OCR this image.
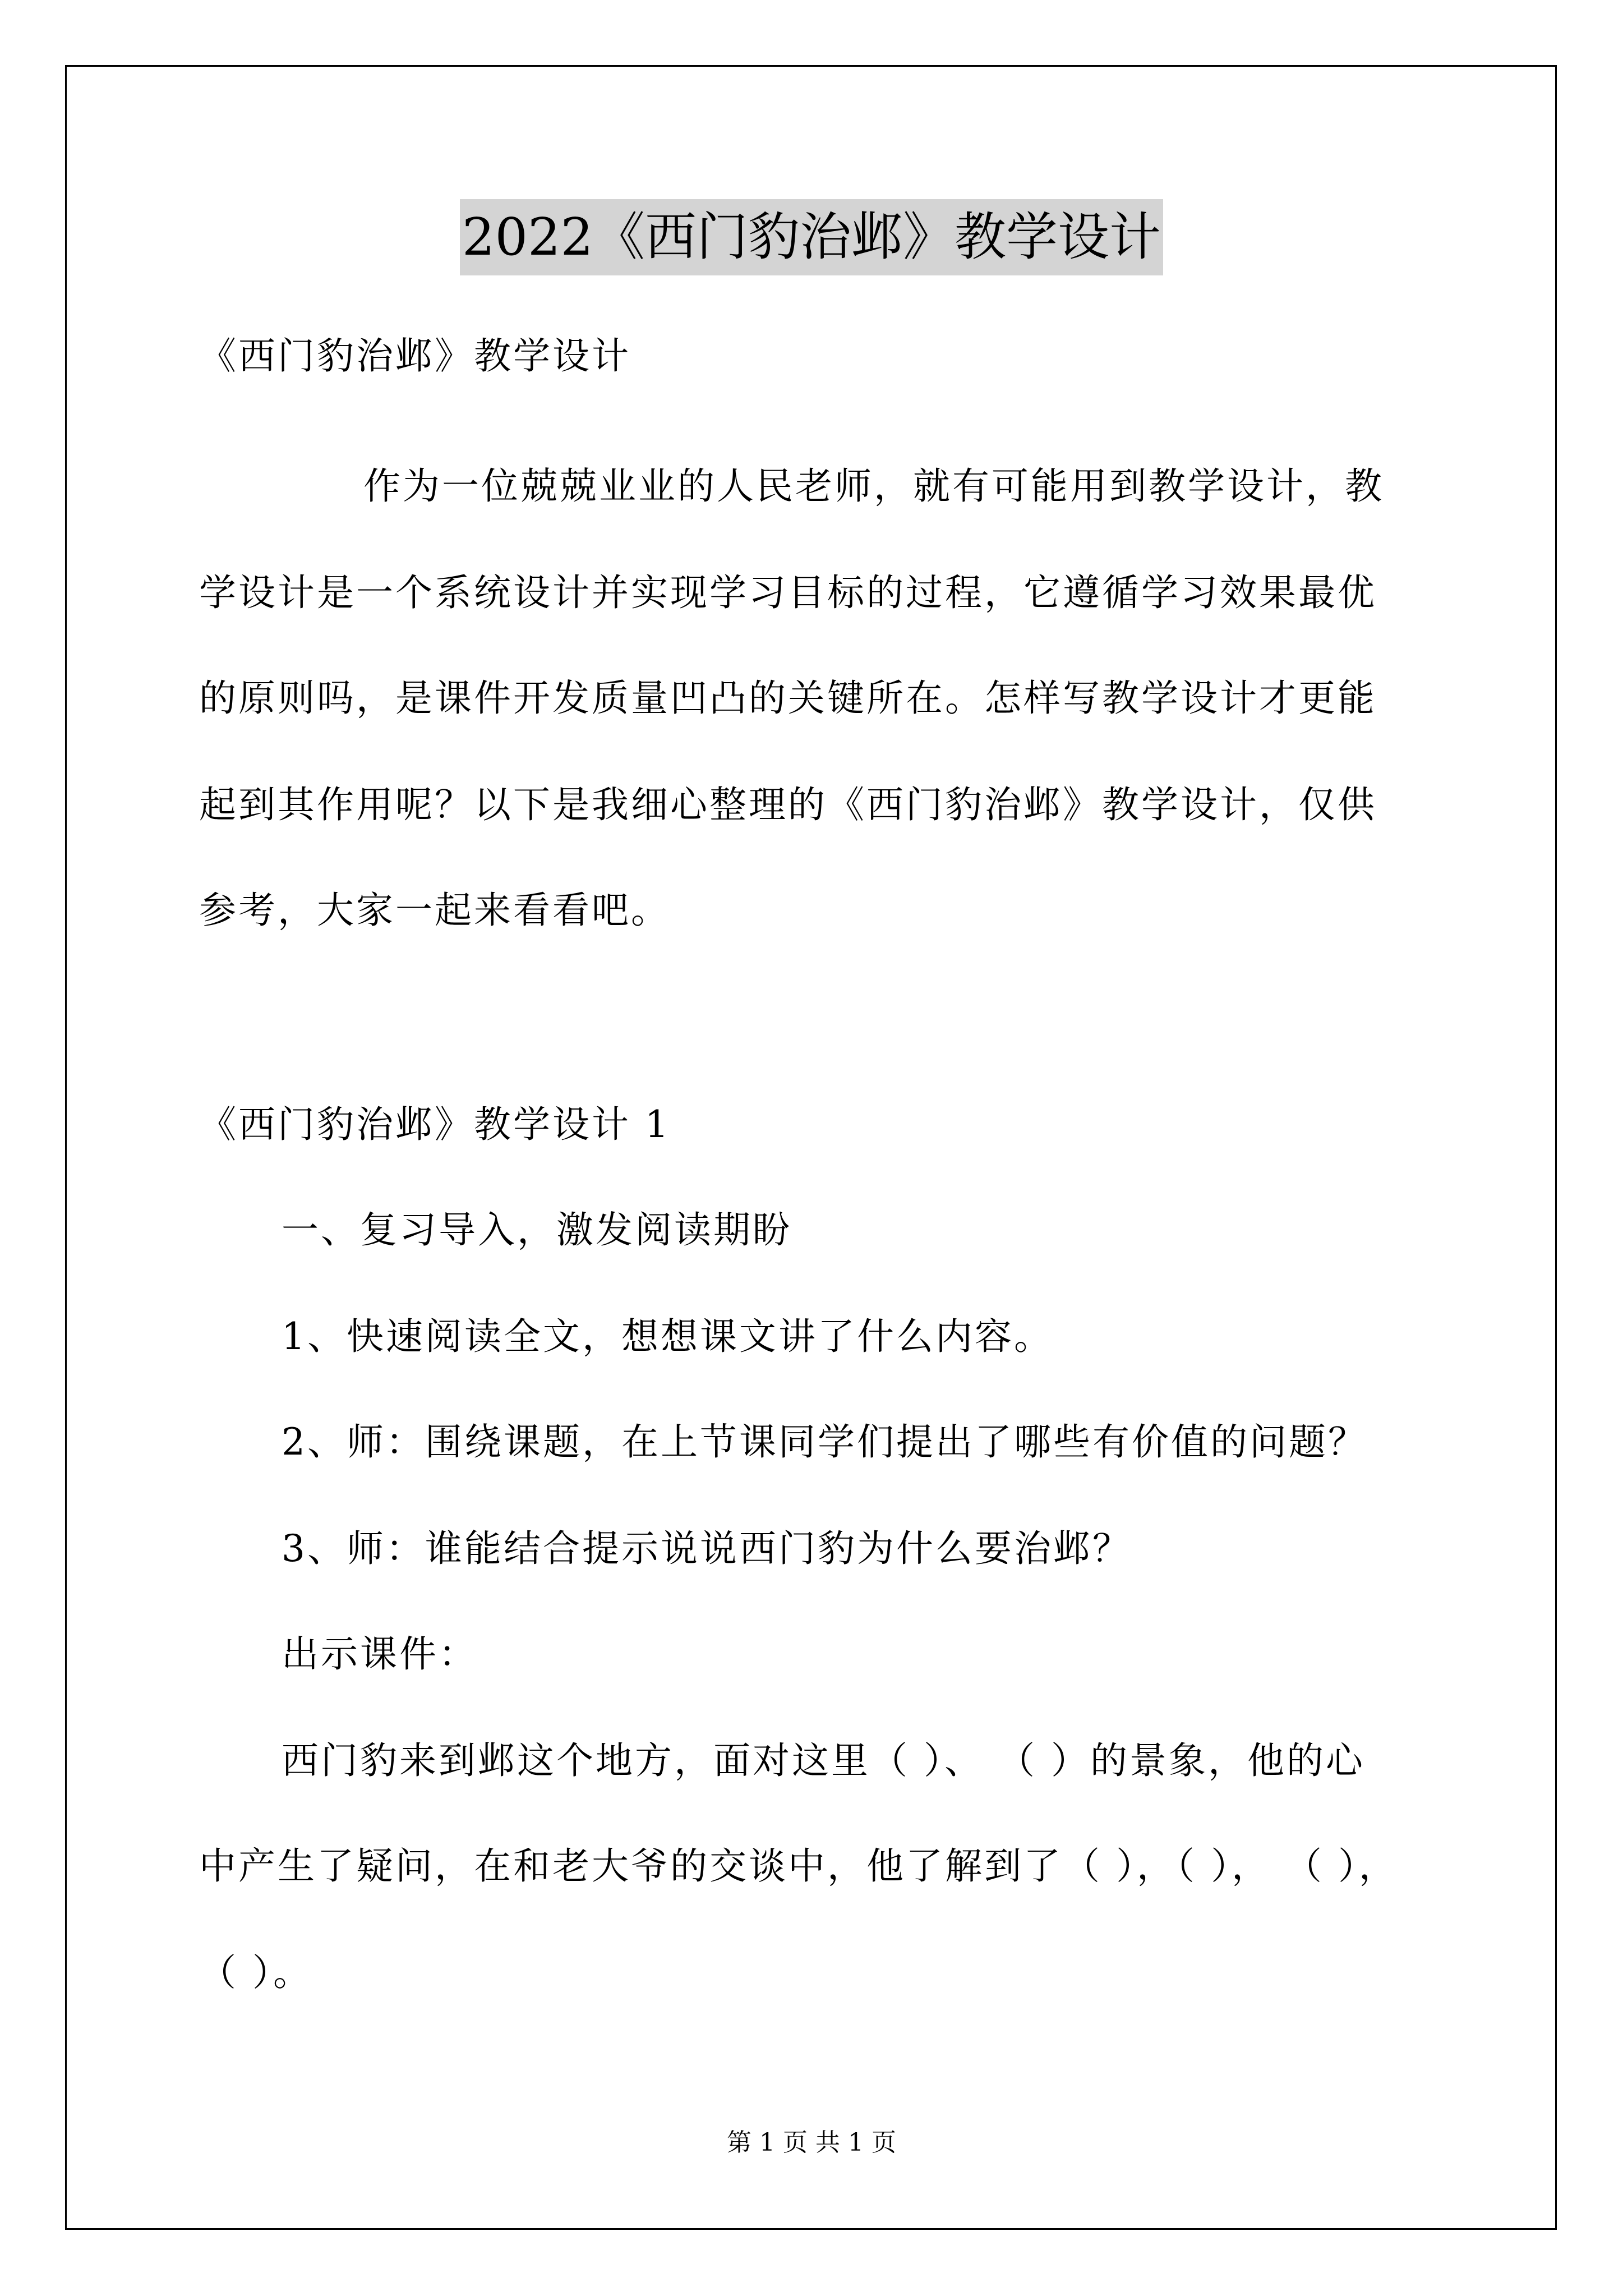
2022《西门豹治邺》教学设计
《西门豹治邺》教学设计
作为一位兢兢业业的人民老师，就有可能用到教学设计，教
学设计是一个系统设计并实现学习目标的过程，它遵循学习效果最优
的原则吗，是课件开发质量凹凸的关键所在。怎样写教学设计才更能
起到其作用呢？以下是我细心整理的《西门豹治邺》教学设计，仅供
参考，大家一起来看看吧。
《西门豹治邺》教学设计 1
一、复习导入，激发阅读期盼
1、快速阅读全文，想想课文讲了什么内容。
2、师：围绕课题，在上节课同学们提出了哪些有价值的问题？
3、师：谁能结合提示说说西门豹为什么要治邺？
出示课件：
西门豹来到邺这个地方，面对这里（ ）、 （ ）的景象，他的心
中产生了疑问，在和老大爷的交谈中，他了解到了（ ），（ ）， （ ），
（ ）。
第 1 页 共 1 页
